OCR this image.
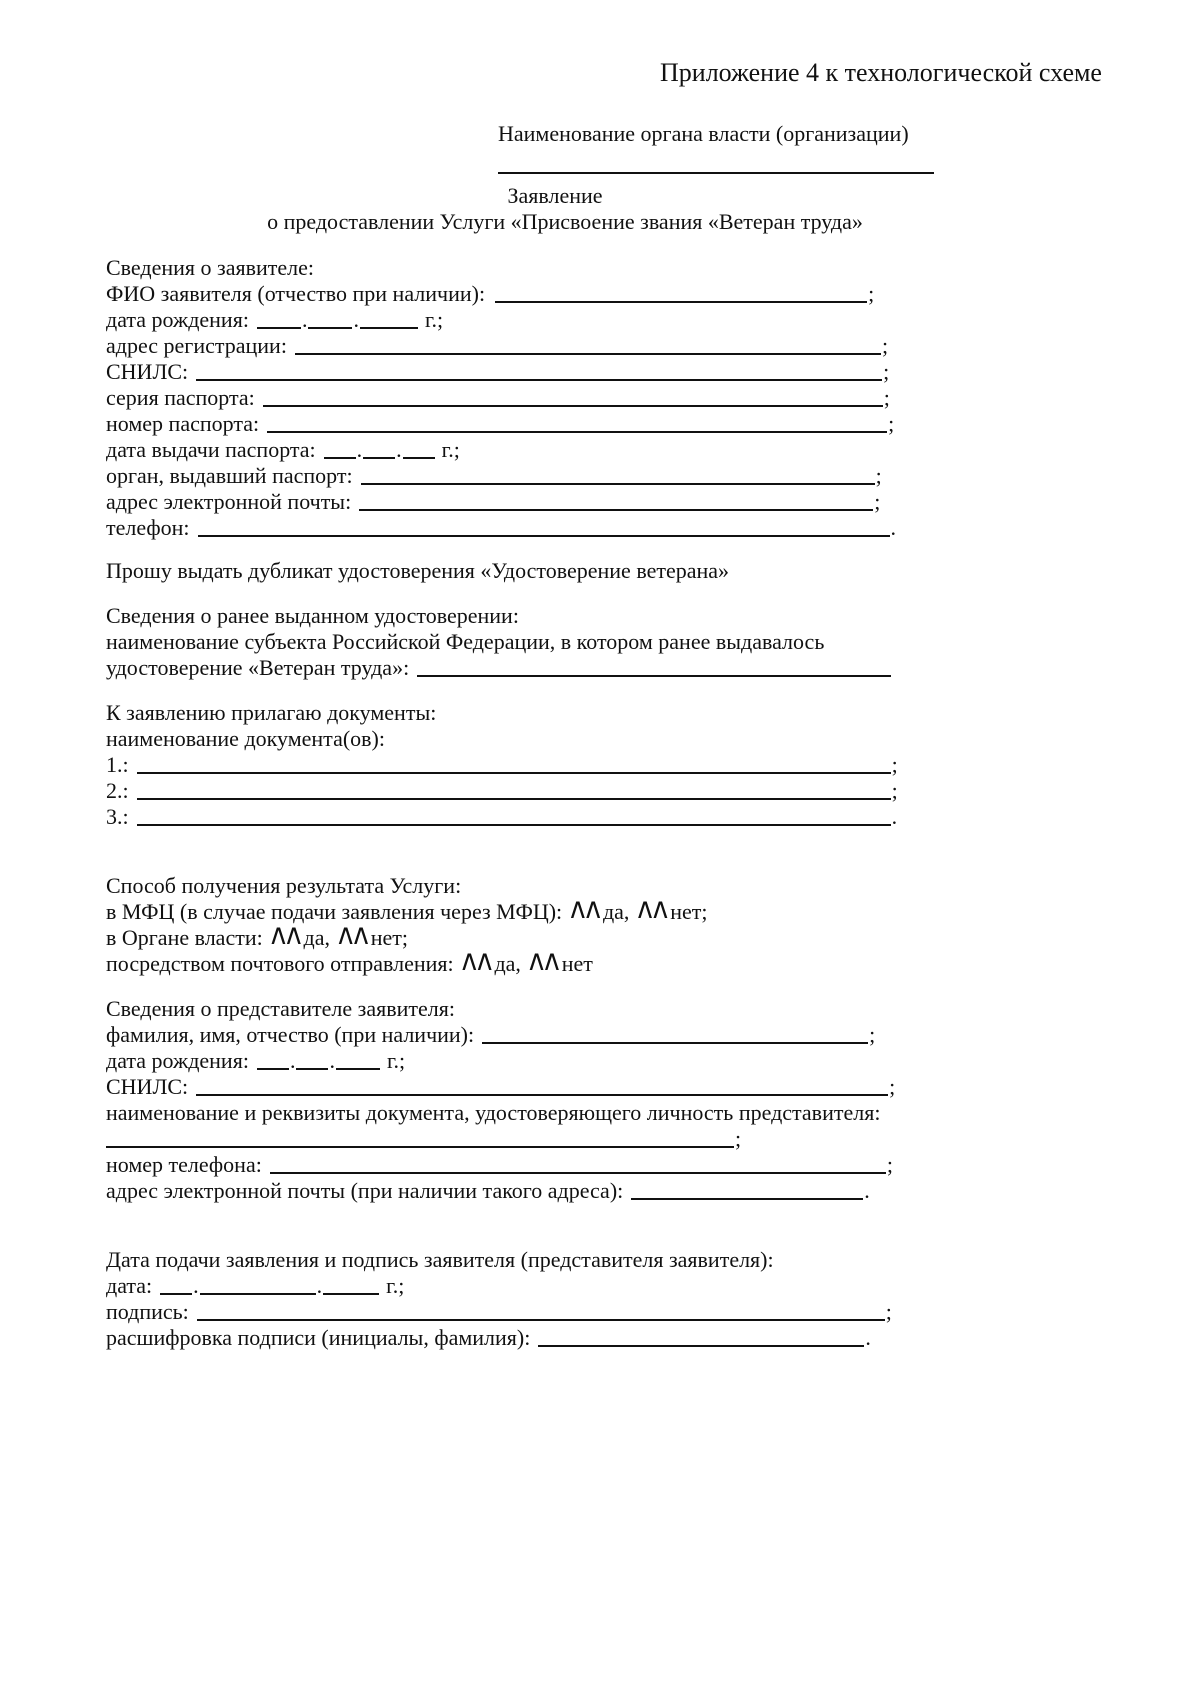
Приложение 4 к технологической схеме
Наименование органа власти (организации)
Заявление
о предоставлении Услуги «Присвоение звания «Ветеран труда»
Сведения о заявителе:
ФИО заявителя (отчество при наличии):	;
дата рождения: . .	г.;
адрес регистрации:	;
СНИЛС:	;
серия паспорта:	;
номер паспорта:	;
дата выдачи паспорта: . . г.;
орган, выдавший паспорт:	;
адрес электронной почты:	;
телефон:	.
Прошу выдать дубликат удостоверения «Удостоверение ветерана»
Сведения о ранее выданном удостоверении:
наименование субъекта Российской Федерации, в котором ранее выдавалось
удостоверение «Ветеран труда»:
К заявлению прилагаю документы:
наименование документа(ов):
1.:	;
2.:	;
3.:	.
Способ получения результата Услуги:
в МФЦ (в случае подачи заявления через МФЦ): ʌʌ да, ʌʌ нет;
в Органе власти: ʌʌ да, ʌʌ нет;
посредством почтового отправления: ʌʌ да, ʌʌ нет
Сведения о представителе заявителя:
фамилия, имя, отчество (при наличии):	;
дата рождения: . . г.;
СНИЛС:	;
наименование и реквизиты документа, удостоверяющего личность представителя:
;
номер телефона:	;
адрес электронной почты (при наличии такого адреса):	.
Дата подачи заявления и подпись заявителя (представителя заявителя):
дата: .	.	г.;
подпись:	;
расшифровка подписи (инициалы, фамилия):	.
